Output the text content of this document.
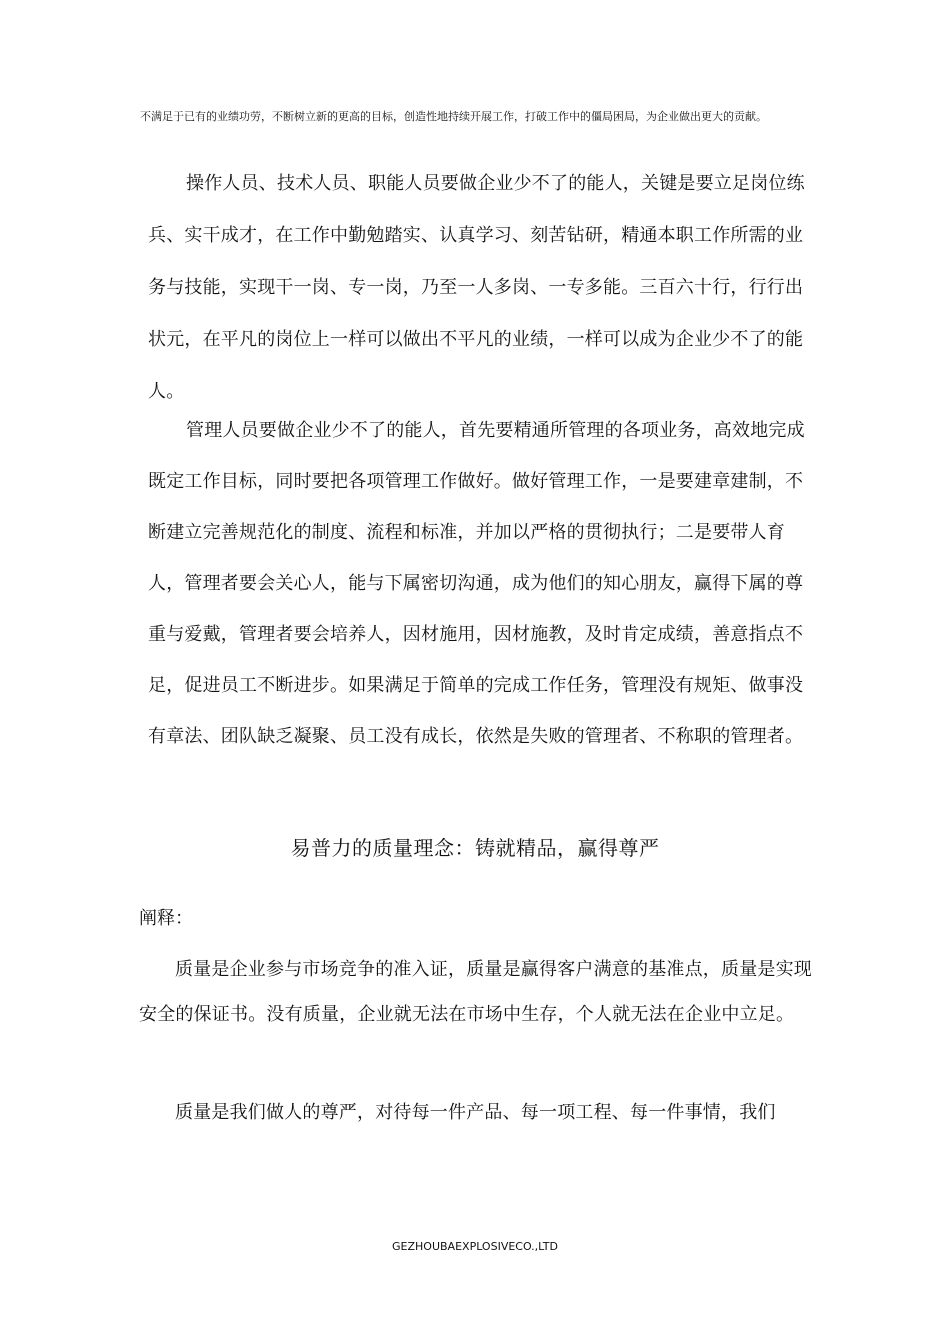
不满足于已有的业绩功劳，不断树立新的更高的目标，创造性地持续开展工作，打破工作中的僵局困局，为企业做出更大的贡献。
操作人员、技术人员、职能人员要做企业少不了的能人，关键是要立足岗位练兵、实干成才，在工作中勤勉踏实、认真学习、刻苦钻研，精通本职工作所需的业务与技能，实现干一岗、专一岗，乃至一人多岗、一专多能。三百六十行，行行出状元，在平凡的岗位上一样可以做出不平凡的业绩，一样可以成为企业少不了的能人。
管理人员要做企业少不了的能人，首先要精通所管理的各项业务，高效地完成既定工作目标，同时要把各项管理工作做好。做好管理工作，一是要建章建制，不断建立完善规范化的制度、流程和标准，并加以严格的贯彻执行；二是要带人育人，管理者要会关心人，能与下属密切沟通，成为他们的知心朋友，赢得下属的尊重与爱戴，管理者要会培养人，因材施用，因材施教，及时肯定成绩，善意指点不足，促进员工不断进步。如果满足于简单的完成工作任务，管理没有规矩、做事没有章法、团队缺乏凝聚、员工没有成长，依然是失败的管理者、不称职的管理者。
易普力的质量理念：铸就精品，赢得尊严
阐释：
质量是企业参与市场竞争的准入证，质量是赢得客户满意的基准点，质量是实现安全的保证书。没有质量，企业就无法在市场中生存，个人就无法在企业中立足。
质量是我们做人的尊严，对待每一件产品、每一项工程、每一件事情，我们
GEZHOUBAEXPLOSIVECO.,LTD
